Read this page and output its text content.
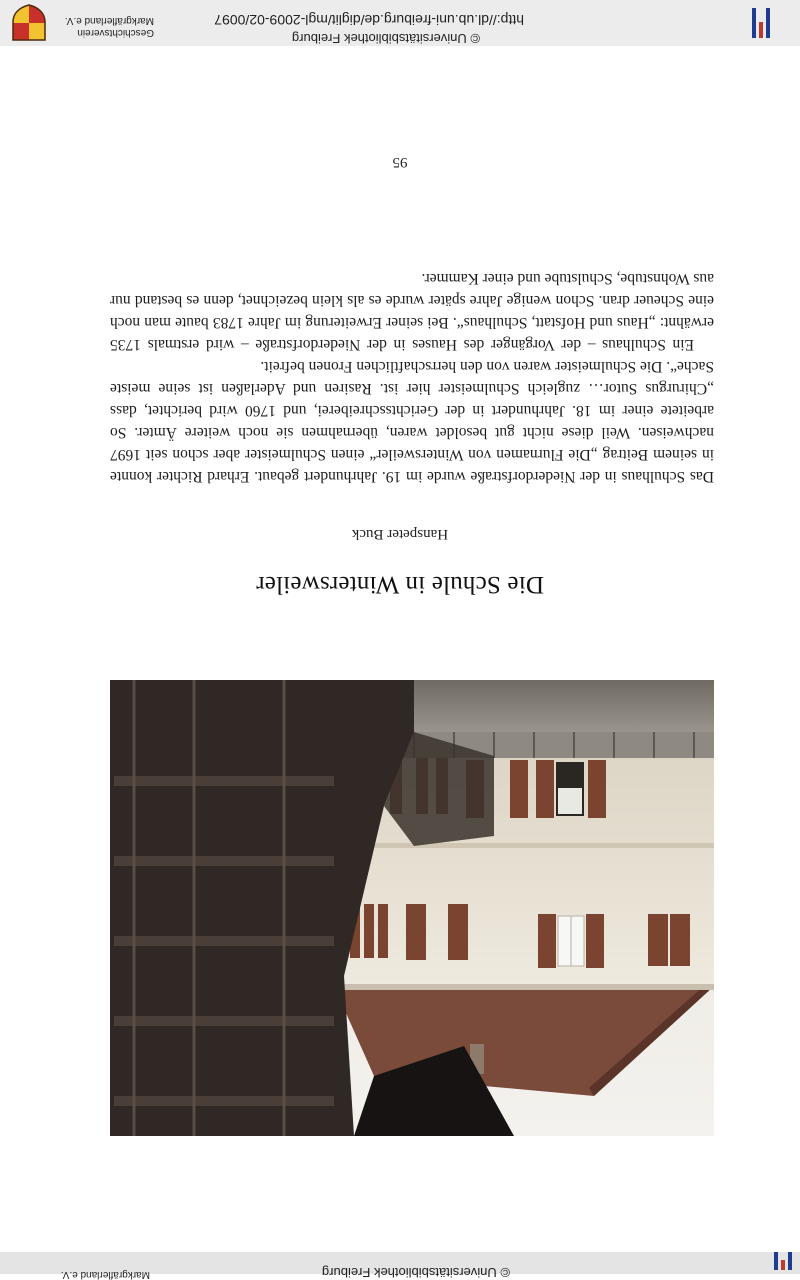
© Universitätsbibliothek Freiburg
Markgräflerland e.V.
Die Schule in Wintersweiler
Hanspeter Buck

Das Schulhaus in der Niederdorfstraße wurde im 19. Jahrhundert gebaut. Erhard Richter konnte in seinem Beitrag „Die Flurnamen von Wintersweiler“ einen Schulmeister aber schon seit 1697 nachweisen. Weil diese nicht gut besoldet waren, übernahmen sie noch weitere Ämter. So arbeitete einer im 18. Jahrhundert in der Gerichtsschreiberei, und 1760 wird berichtet, dass „Chirurgus Sutor… zugleich Schulmeister hier ist. Rasiren und Aderlaßen ist seine meiste Sache“. Die Schulmeister waren von den herrschaftlichen Fronen befreit.

Ein Schulhaus – der Vorgänger des Hauses in der Niederdorfstraße – wird erstmals 1735 erwähnt: „Haus und Hofstatt, Schulhaus“. Bei seiner Erweiterung im Jahre 1783 baute man noch eine Scheuer dran. Schon wenige Jahre später wurde es als klein bezeichnet, denn es bestand nur aus Wohnstube, Schulstube und einer Kammer.

95
Geschichtsverein
Markgräflerland e.V.
© Universitätsbibliothek Freiburg
http://dl.ub.uni-freiburg.de/diglit/mgl-2009-02/0097
